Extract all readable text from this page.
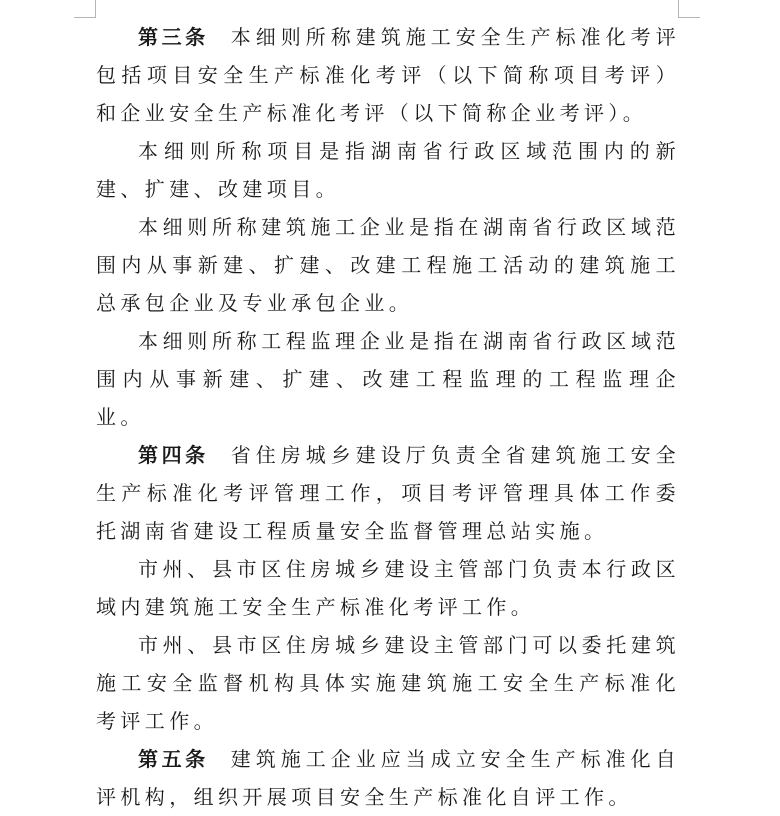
第三条 本细则所称建筑施工安全生产标准化考评包括项目安全生产标准化考评（以下简称项目考评）和企业安全生产标准化考评（以下简称企业考评）。

本细则所称项目是指湖南省行政区域范围内的新建、扩建、改建项目。

本细则所称建筑施工企业是指在湖南省行政区域范围内从事新建、扩建、改建工程施工活动的建筑施工总承包企业及专业承包企业。

本细则所称工程监理企业是指在湖南省行政区域范围内从事新建、扩建、改建工程监理的工程监理企业。

第四条 省住房城乡建设厅负责全省建筑施工安全生产标准化考评管理工作，项目考评管理具体工作委托湖南省建设工程质量安全监督管理总站实施。

市州、县市区住房城乡建设主管部门负责本行政区域内建筑施工安全生产标准化考评工作。

市州、县市区住房城乡建设主管部门可以委托建筑施工安全监督机构具体实施建筑施工安全生产标准化考评工作。

第五条 建筑施工企业应当成立安全生产标准化自评机构，组织开展项目安全生产标准化自评工作。
